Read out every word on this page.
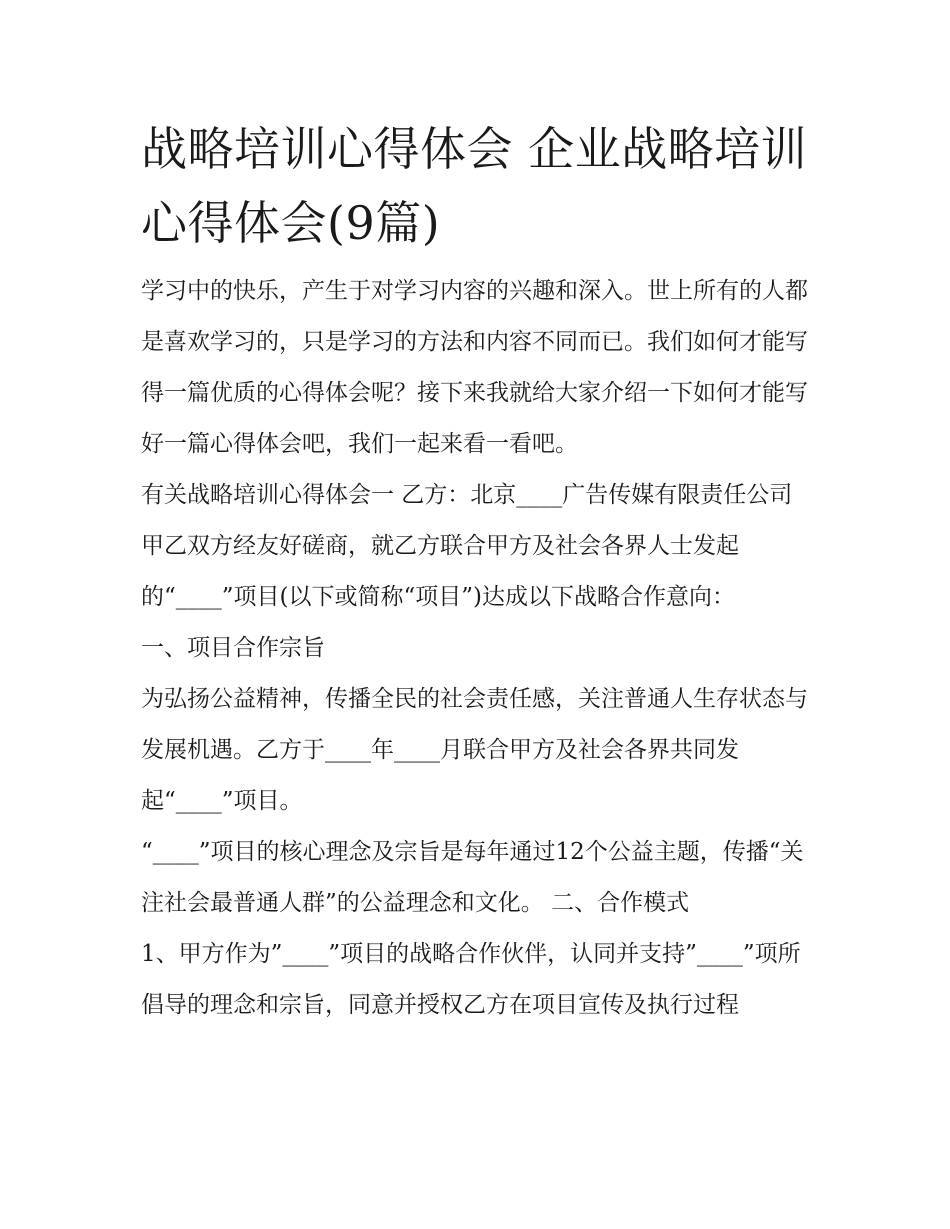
战略培训心得体会 企业战略培训心得体会(9篇)

学习中的快乐，产生于对学习内容的兴趣和深入。世上所有的人都是喜欢学习的，只是学习的方法和内容不同而已。我们如何才能写得一篇优质的心得体会呢？接下来我就给大家介绍一下如何才能写好一篇心得体会吧，我们一起来看一看吧。

有关战略培训心得体会一 乙方：北京____广告传媒有限责任公司

甲乙双方经友好磋商，就乙方联合甲方及社会各界人士发起的“____”项目(以下或简称“项目”)达成以下战略合作意向：

一、项目合作宗旨

为弘扬公益精神，传播全民的社会责任感，关注普通人生存状态与发展机遇。乙方于____年____月联合甲方及社会各界共同发起“____”项目。

“____”项目的核心理念及宗旨是每年通过12个公益主题，传播“关注社会最普通人群”的公益理念和文化。 二、合作模式

1、甲方作为”____”项目的战略合作伙伴，认同并支持”____”项所倡导的理念和宗旨，同意并授权乙方在项目宣传及执行过程
